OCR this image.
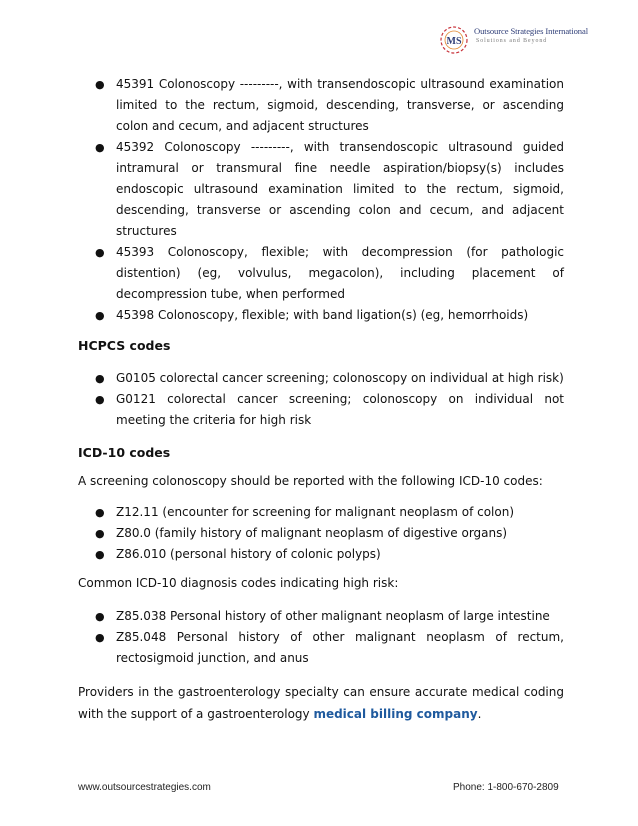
MS
Outsource Strategies International
Solutions and Beyond
● 45391 Colonoscopy ---------, with transendoscopic ultrasound examination limited to the rectum, sigmoid, descending, transverse, or ascending colon and cecum, and adjacent structures
● 45392 Colonoscopy ---------, with transendoscopic ultrasound guided intramural or transmural fine needle aspiration/biopsy(s) includes endoscopic ultrasound examination limited to the rectum, sigmoid, descending, transverse or ascending colon and cecum, and adjacent structures
● 45393 Colonoscopy, flexible; with decompression (for pathologic distention) (eg, volvulus, megacolon), including placement of decompression tube, when performed
● 45398 Colonoscopy, flexible; with band ligation(s) (eg, hemorrhoids)
HCPCS codes
● G0105 colorectal cancer screening; colonoscopy on individual at high risk)
● G0121 colorectal cancer screening; colonoscopy on individual not meeting the criteria for high risk
ICD-10 codes
A screening colonoscopy should be reported with the following ICD-10 codes:
● Z12.11 (encounter for screening for malignant neoplasm of colon)
● Z80.0 (family history of malignant neoplasm of digestive organs)
● Z86.010 (personal history of colonic polyps)
Common ICD-10 diagnosis codes indicating high risk:
● Z85.038 Personal history of other malignant neoplasm of large intestine
● Z85.048 Personal history of other malignant neoplasm of rectum, rectosigmoid junction, and anus
Providers in the gastroenterology specialty can ensure accurate medical coding with the support of a gastroenterology medical billing company.
www.outsourcestrategies.com	Phone: 1-800-670-2809
